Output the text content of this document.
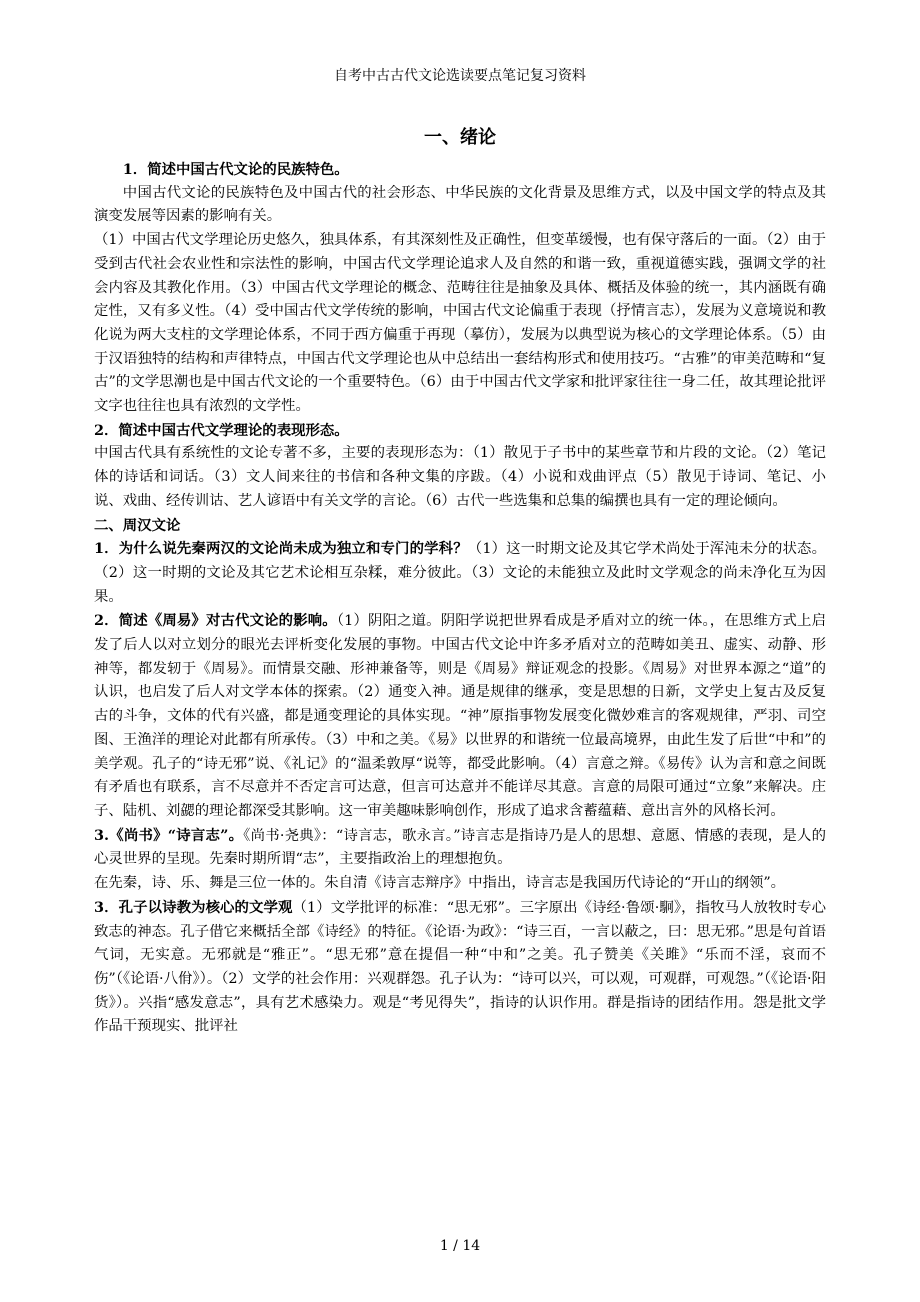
自考中古古代文论选读要点笔记复习资料

一、绪论

1．简述中国古代文论的民族特色。

中国古代文论的民族特色及中国古代的社会形态、中华民族的文化背景及思维方式，以及中国文学的特点及其演变发展等因素的影响有关。

（1）中国古代文学理论历史悠久，独具体系，有其深刻性及正确性，但变革缓慢，也有保守落后的一面。（2）由于受到古代社会农业性和宗法性的影响，中国古代文学理论追求人及自然的和谐一致，重视道德实践，强调文学的社会内容及其教化作用。（3）中国古代文学理论的概念、范畴往往是抽象及具体、概括及体验的统一，其内涵既有确定性，又有多义性。（4）受中国古代文学传统的影响，中国古代文论偏重于表现（抒情言志），发展为义意境说和教化说为两大支柱的文学理论体系，不同于西方偏重于再现（摹仿），发展为以典型说为核心的文学理论体系。（5）由于汉语独特的结构和声律特点，中国古代文学理论也从中总结出一套结构形式和使用技巧。“古雅”的审美范畴和“复古”的文学思潮也是中国古代文论的一个重要特色。（6）由于中国古代文学家和批评家往往一身二任，故其理论批评文字也往往也具有浓烈的文学性。

2．简述中国古代文学理论的表现形态。

中国古代具有系统性的文论专著不多，主要的表现形态为：（1）散见于子书中的某些章节和片段的文论。（2）笔记体的诗话和词话。（3）文人间来往的书信和各种文集的序跋。（4）小说和戏曲评点（5）散见于诗词、笔记、小说、戏曲、经传训诂、艺人谚语中有关文学的言论。（6）古代一些选集和总集的编撰也具有一定的理论倾向。

二、周汉文论

1．为什么说先秦两汉的文论尚未成为独立和专门的学科？（1）这一时期文论及其它学术尚处于浑沌未分的状态。（2）这一时期的文论及其它艺术论相互杂糅，难分彼此。（3）文论的未能独立及此时文学观念的尚未净化互为因果。

2．简述《周易》对古代文论的影响。（1）阴阳之道。阴阳学说把世界看成是矛盾对立的统一体。，在思维方式上启发了后人以对立划分的眼光去评析变化发展的事物。中国古代文论中许多矛盾对立的范畴如美丑、虚实、动静、形神等，都发轫于《周易》。而情景交融、形神兼备等，则是《周易》辩证观念的投影。《周易》对世界本源之“道”的认识，也启发了后人对文学本体的探索。（2）通变入神。通是规律的继承，变是思想的日新，文学史上复古及反复古的斗争，文体的代有兴盛，都是通变理论的具体实现。“神”原指事物发展变化微妙难言的客观规律，严羽、司空图、王渔洋的理论对此都有所承传。（3）中和之美。《易》以世界的和谐统一位最高境界，由此生发了后世“中和”的美学观。孔子的“诗无邪”说、《礼记》的“温柔敦厚“说等，都受此影响。（4）言意之辩。《易传》认为言和意之间既有矛盾也有联系，言不尽意并不否定言可达意，但言可达意并不能详尽其意。言意的局限可通过“立象”来解决。庄子、陆机、刘勰的理论都深受其影响。这一审美趣味影响创作，形成了追求含蓄蕴藉、意出言外的风格长河。

3.《尚书》“诗言志”。《尚书·尧典》：“诗言志，歌永言。”诗言志是指诗乃是人的思想、意愿、情感的表现，是人的心灵世界的呈现。先秦时期所谓“志”，主要指政治上的理想抱负。

在先秦，诗、乐、舞是三位一体的。朱自清《诗言志辩序》中指出，诗言志是我国历代诗论的“开山的纲领”。

3．孔子以诗教为核心的文学观（1）文学批评的标准：“思无邪”。三字原出《诗经·鲁颂·駉》，指牧马人放牧时专心致志的神态。孔子借它来概括全部《诗经》的特征。《论语·为政》：“诗三百，一言以蔽之，曰：思无邪。”思是句首语气词，无实意。无邪就是“雅正”。“思无邪”意在提倡一种“中和”之美。孔子赞美《关雎》“乐而不淫，哀而不伤”（《论语·八佾》）。（2）文学的社会作用：兴观群怨。孔子认为：“诗可以兴，可以观，可观群，可观怨。”（《论语·阳货》）。兴指“感发意志”，具有艺术感染力。观是“考见得失”，指诗的认识作用。群是指诗的团结作用。怨是批文学作品干预现实、批评社

1 / 14
